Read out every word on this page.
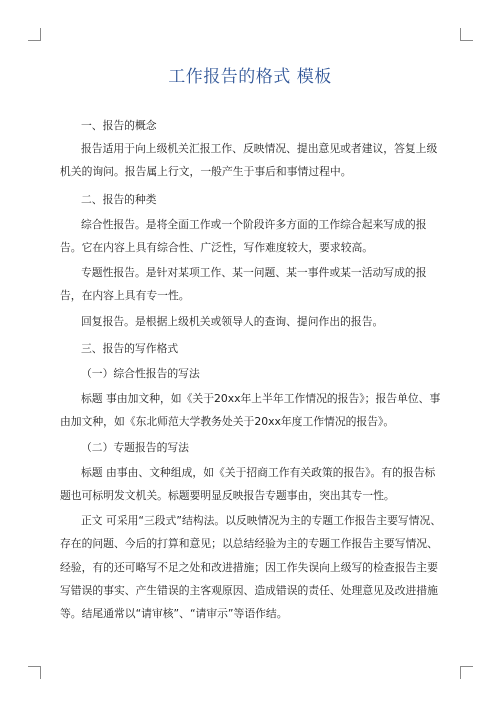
工作报告的格式 模板

一、报告的概念

报告适用于向上级机关汇报工作、反映情况、提出意见或者建议，答复上级机关的询问。报告属上行文，一般产生于事后和事情过程中。

二、报告的种类

综合性报告。是将全面工作或一个阶段许多方面的工作综合起来写成的报告。它在内容上具有综合性、广泛性，写作难度较大，要求较高。

专题性报告。是针对某项工作、某一问题、某一事件或某一活动写成的报告，在内容上具有专一性。

回复报告。是根据上级机关或领导人的查询、提问作出的报告。

三、报告的写作格式

（一）综合性报告的写法

标题 事由加文种，如《关于20xx年上半年工作情况的报告》；报告单位、事由加文种，如《东北师范大学教务处关于20xx年度工作情况的报告》。

（二）专题报告的写法

标题 由事由、文种组成，如《关于招商工作有关政策的报告》。有的报告标题也可标明发文机关。标题要明显反映报告专题事由，突出其专一性。

正文 可采用“三段式”结构法。以反映情况为主的专题工作报告主要写情况、存在的问题、今后的打算和意见；以总结经验为主的专题工作报告主要写情况、经验，有的还可略写不足之处和改进措施；因工作失误向上级写的检查报告主要写错误的事实、产生错误的主客观原因、造成错误的责任、处理意见及改进措施等。结尾通常以“请审核”、“请审示”等语作结。
